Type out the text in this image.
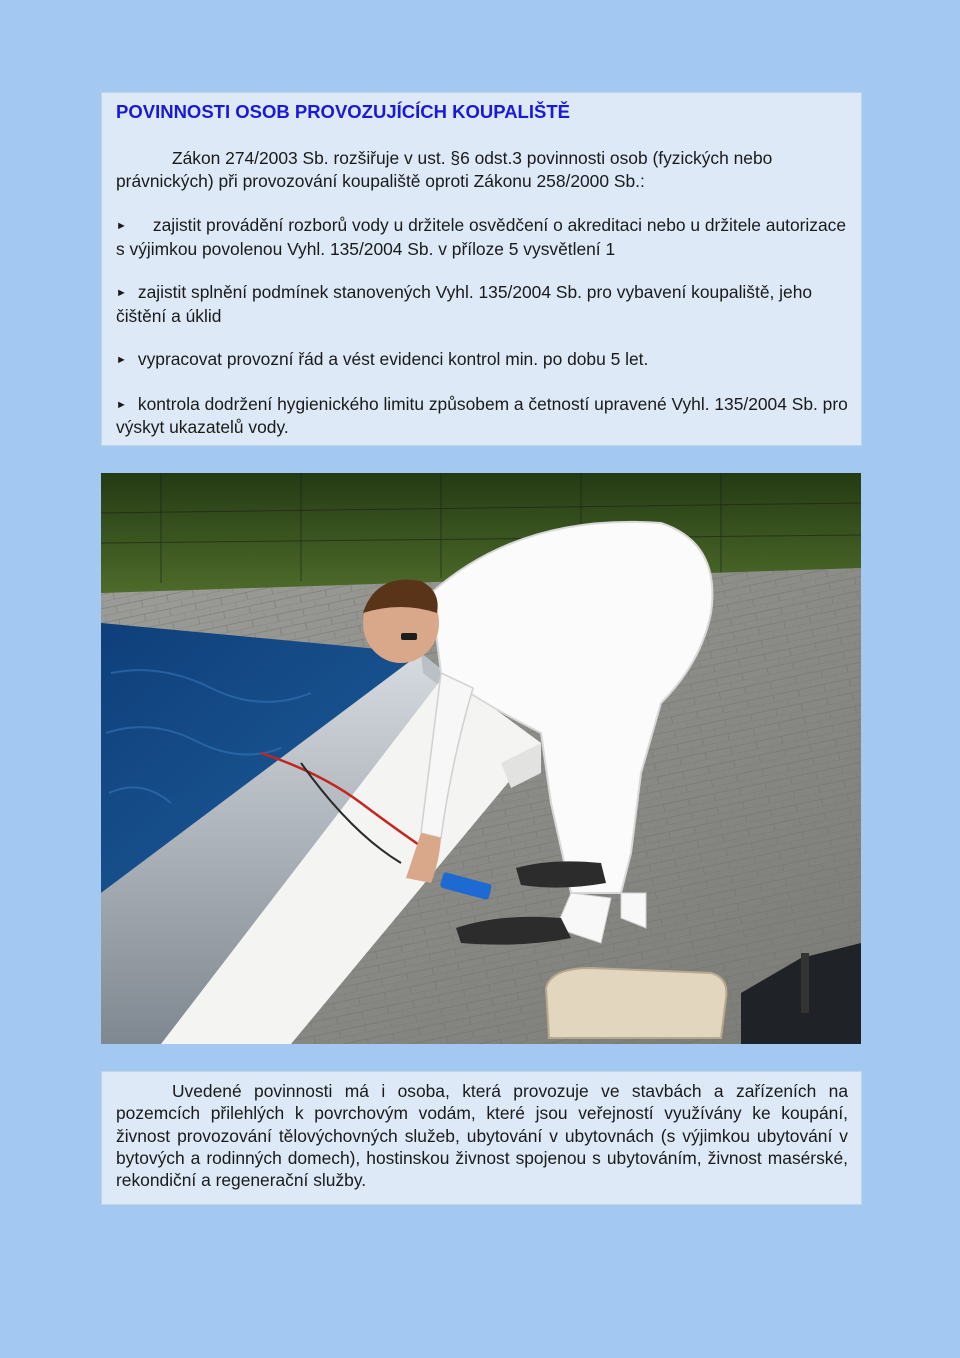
POVINNOSTI OSOB PROVOZUJÍCÍCH KOUPALIŠTĚ

Zákon 274/2003 Sb. rozšiřuje v ust. §6 odst.3 povinnosti osob (fyzických nebo právnických) při provozování koupaliště oproti Zákonu 258/2000 Sb.:

► zajistit provádění rozborů vody u držitele osvědčení o akreditaci nebo u držitele autorizace s výjimkou povolenou Vyhl. 135/2004 Sb. v příloze 5 vysvětlení 1

► zajistit splnění podmínek stanovených Vyhl. 135/2004 Sb. pro vybavení koupaliště, jeho čištění a úklid

► vypracovat provozní řád a vést evidenci kontrol min. po dobu 5 let.

► kontrola dodržení hygienického limitu způsobem a četností upravené Vyhl. 135/2004 Sb. pro výskyt ukazatelů vody.

Uvedené povinnosti má i osoba, která provozuje ve stavbách a zařízeních na pozemcích přilehlých k povrchovým vodám, které jsou veřejností využívány ke koupání, živnost provozování tělovýchovných služeb, ubytování v ubytovnách (s výjimkou ubytování v bytových a rodinných domech), hostinskou živnost spojenou s ubytováním, živnost masérské, rekondiční a regenerační služby.
